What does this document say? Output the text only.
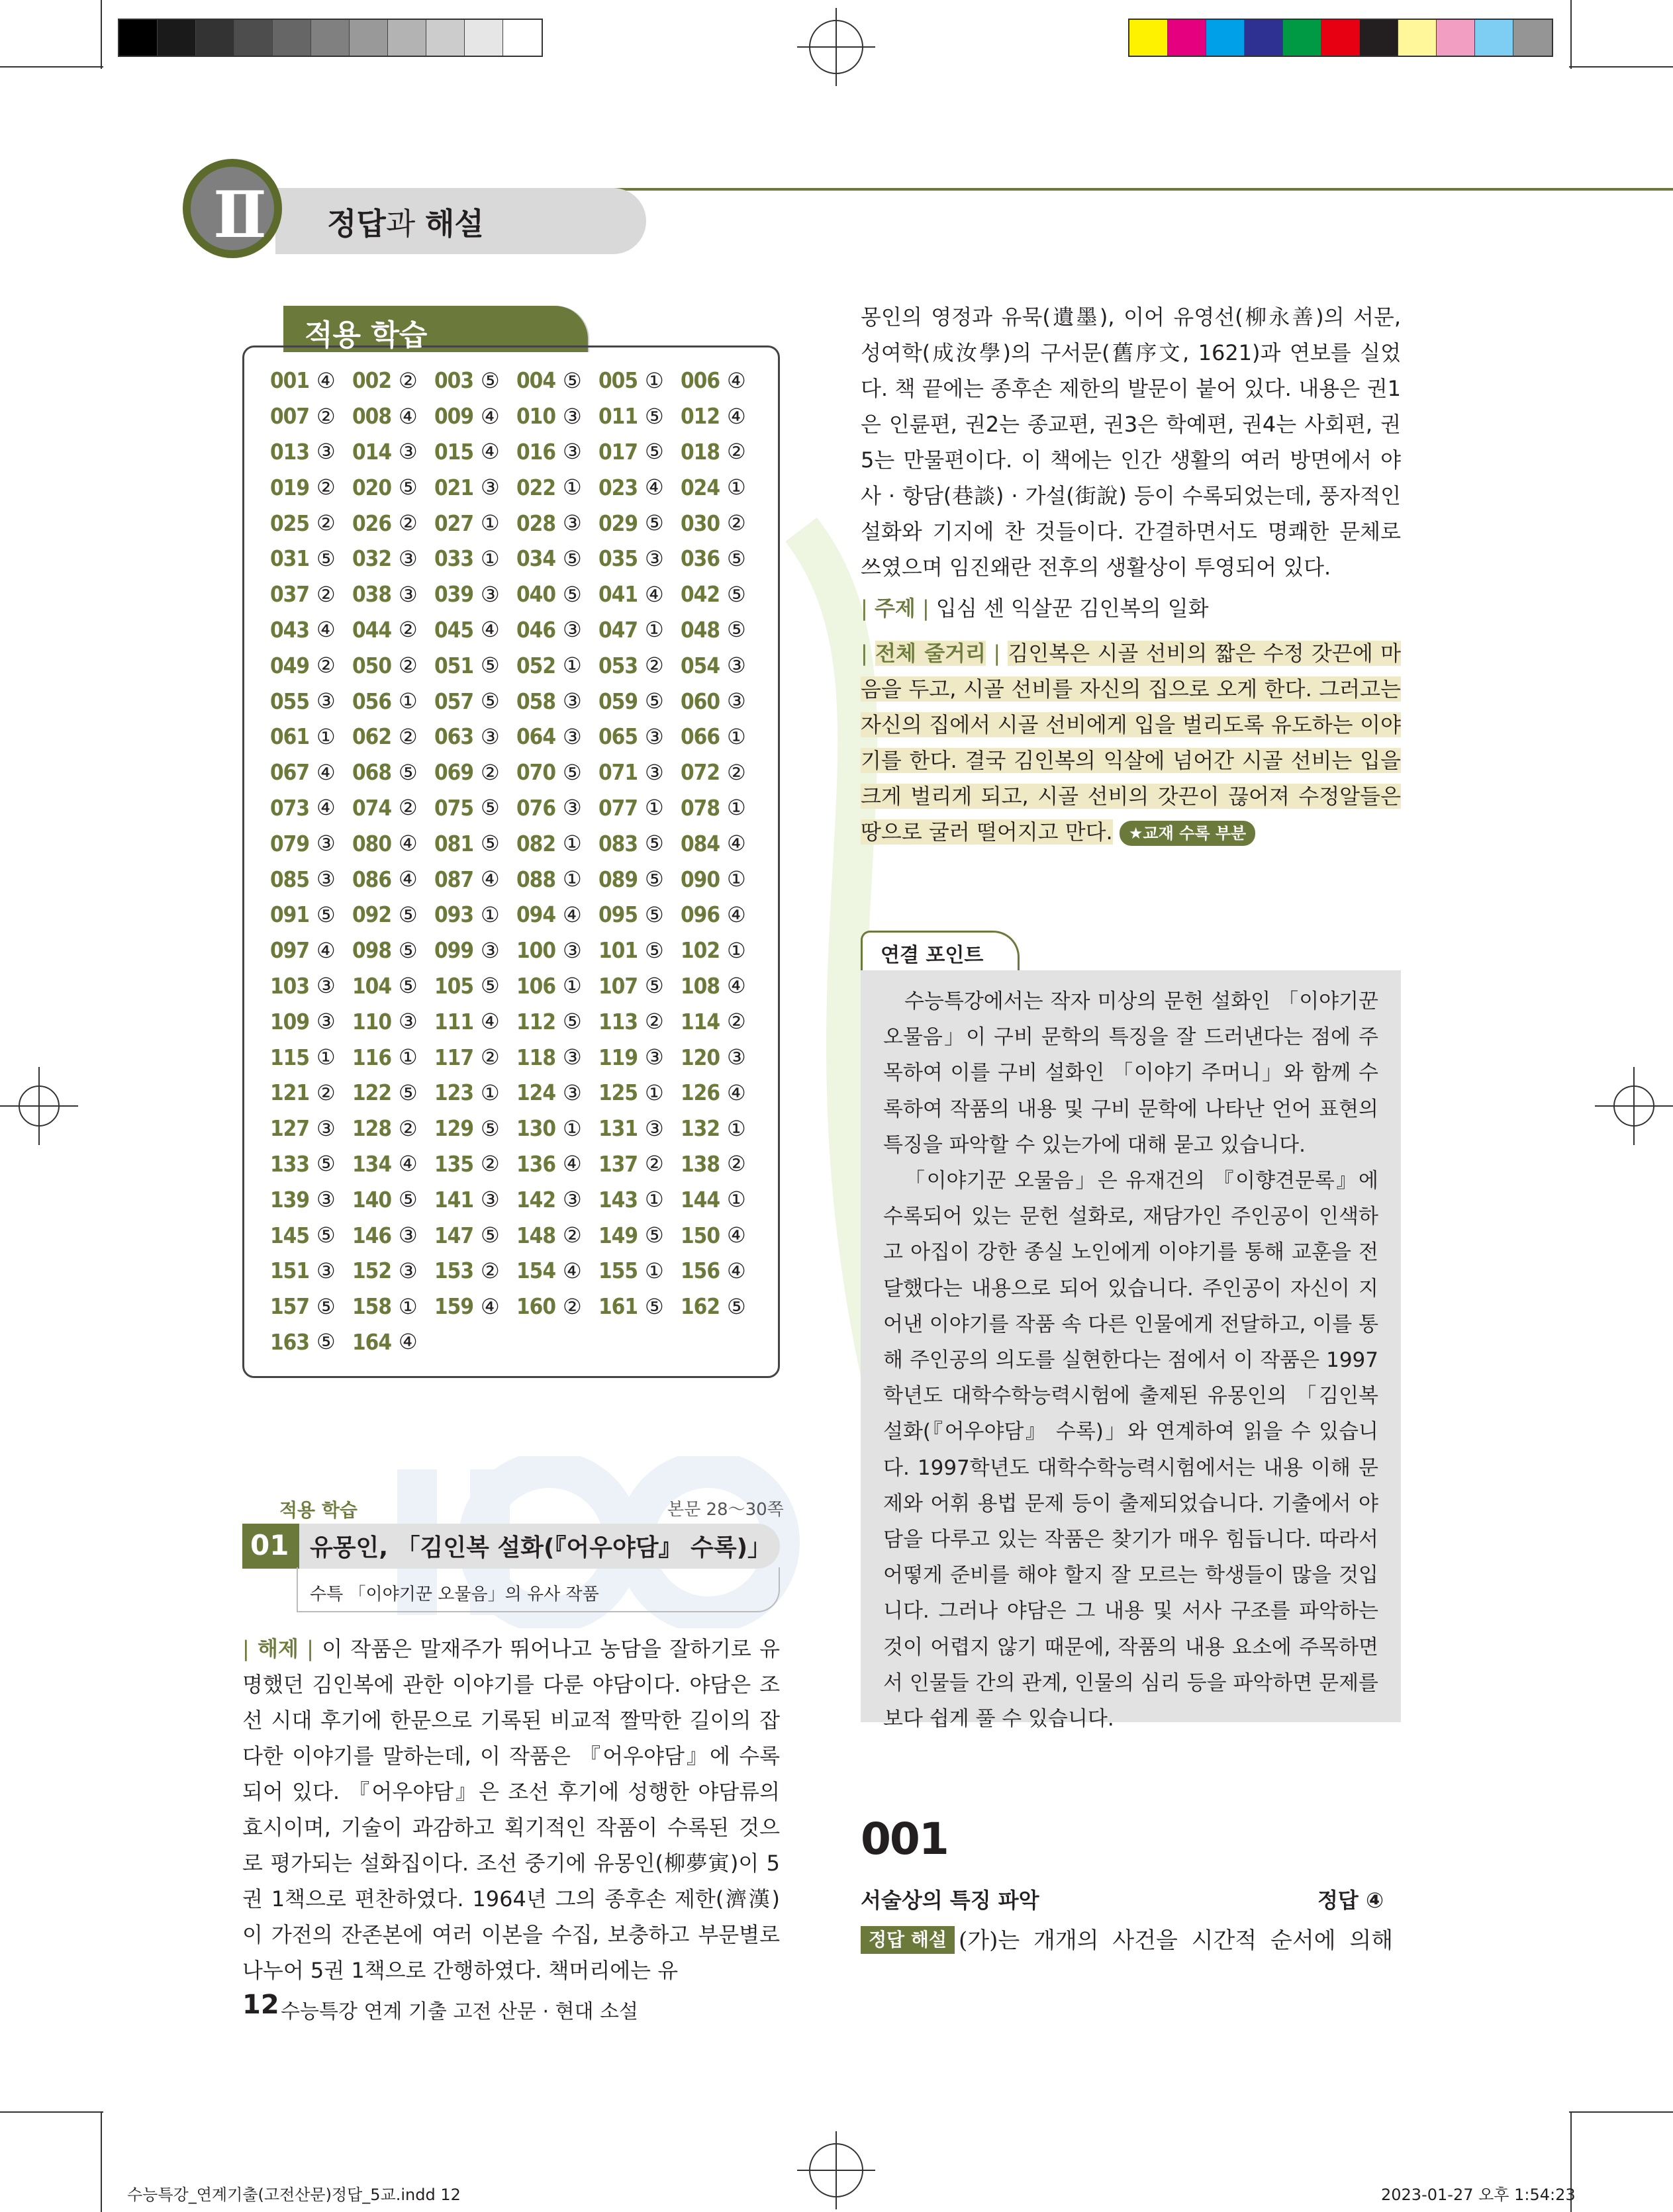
정답과 해설
Ⅱ
적용 학습
001 ④ 002 ② 003 ⑤ 004 ⑤ 005 ① 006 ④
007 ② 008 ④ 009 ④ 010 ③ 011 ⑤ 012 ④
013 ③ 014 ③ 015 ④ 016 ③ 017 ⑤ 018 ②
019 ② 020 ⑤ 021 ③ 022 ① 023 ④ 024 ①
025 ② 026 ② 027 ① 028 ③ 029 ⑤ 030 ②
031 ⑤ 032 ③ 033 ① 034 ⑤ 035 ③ 036 ⑤
037 ② 038 ③ 039 ③ 040 ⑤ 041 ④ 042 ⑤
043 ④ 044 ② 045 ④ 046 ③ 047 ① 048 ⑤
049 ② 050 ② 051 ⑤ 052 ① 053 ② 054 ③
055 ③ 056 ① 057 ⑤ 058 ③ 059 ⑤ 060 ③
061 ① 062 ② 063 ③ 064 ③ 065 ③ 066 ①
067 ④ 068 ⑤ 069 ② 070 ⑤ 071 ③ 072 ②
073 ④ 074 ② 075 ⑤ 076 ③ 077 ① 078 ①
079 ③ 080 ④ 081 ⑤ 082 ① 083 ⑤ 084 ④
085 ③ 086 ④ 087 ④ 088 ① 089 ⑤ 090 ①
091 ⑤ 092 ⑤ 093 ① 094 ④ 095 ⑤ 096 ④
097 ④ 098 ⑤ 099 ③ 100 ③ 101 ⑤ 102 ①
103 ③ 104 ⑤ 105 ⑤ 106 ① 107 ⑤ 108 ④
109 ③ 110 ③ 111 ④ 112 ⑤ 113 ② 114 ②
115 ① 116 ① 117 ② 118 ③ 119 ③ 120 ③
121 ② 122 ⑤ 123 ① 124 ③ 125 ① 126 ④
127 ③ 128 ② 129 ⑤ 130 ① 131 ③ 132 ①
133 ⑤ 134 ④ 135 ② 136 ④ 137 ② 138 ②
139 ③ 140 ⑤ 141 ③ 142 ③ 143 ① 144 ①
145 ⑤ 146 ③ 147 ⑤ 148 ② 149 ⑤ 150 ④
151 ③ 152 ③ 153 ② 154 ④ 155 ① 156 ④
157 ⑤ 158 ① 159 ④ 160 ② 161 ⑤ 162 ⑤
163 ⑤ 164 ④
적용 학습	본문 28～30쪽
01 유몽인, 「김인복 설화(『어우야담』 수록)」
수특 「이야기꾼 오물음」의 유사 작품
| 해제 | 이 작품은 말재주가 뛰어나고 농담을 잘하기로 유명했던 김인복에 관한 이야기를 다룬 야담이다. 야담은 조선 시대 후기에 한문으로 기록된 비교적 짤막한 길이의 잡다한 이야기를 말하는데, 이 작품은 『어우야담』에 수록되어 있다. 『어우야담』은 조선 후기에 성행한 야담류의 효시이며, 기술이 과감하고 획기적인 작품이 수록된 것으로 평가되는 설화집이다. 조선 중기에 유몽인(柳夢寅)이 5권 1책으로 편찬하였다. 1964년 그의 종후손 제한(濟漢)이 가전의 잔존본에 여러 이본을 수집, 보충하고 부문별로 나누어 5권 1책으로 간행하였다. 책머리에는 유
몽인의 영정과 유묵(遺墨), 이어 유영선(柳永善)의 서문, 성여학(成汝學)의 구서문(舊序文, 1621)과 연보를 실었다. 책 끝에는 종후손 제한의 발문이 붙어 있다. 내용은 권1은 인륜편, 권2는 종교편, 권3은 학예편, 권4는 사회편, 권5는 만물편이다. 이 책에는 인간 생활의 여러 방면에서 야사 · 항담(巷談) · 가설(街說) 등이 수록되었는데, 풍자적인 설화와 기지에 찬 것들이다. 간결하면서도 명쾌한 문체로 쓰였으며 임진왜란 전후의 생활상이 투영되어 있다.
| 주제 | 입심 센 익살꾼 김인복의 일화
| 전체 줄거리 | 김인복은 시골 선비의 짧은 수정 갓끈에 마음을 두고, 시골 선비를 자신의 집으로 오게 한다. 그러고는 자신의 집에서 시골 선비에게 입을 벌리도록 유도하는 이야기를 한다. 결국 김인복의 익살에 넘어간 시골 선비는 입을 크게 벌리게 되고, 시골 선비의 갓끈이 끊어져 수정알들은 땅으로 굴러 떨어지고 만다. ★교재 수록 부분
연결 포인트

수능특강에서는 작자 미상의 문헌 설화인 「이야기꾼 오물음」이 구비 문학의 특징을 잘 드러낸다는 점에 주목하여 이를 구비 설화인 「이야기 주머니」와 함께 수록하여 작품의 내용 및 구비 문학에 나타난 언어 표현의 특징을 파악할 수 있는가에 대해 묻고 있습니다.

「이야기꾼 오물음」은 유재건의 『이향견문록』에 수록되어 있는 문헌 설화로, 재담가인 주인공이 인색하고 아집이 강한 종실 노인에게 이야기를 통해 교훈을 전달했다는 내용으로 되어 있습니다. 주인공이 자신이 지어낸 이야기를 작품 속 다른 인물에게 전달하고, 이를 통해 주인공의 의도를 실현한다는 점에서 이 작품은 1997학년도 대학수학능력시험에 출제된 유몽인의 「김인복 설화(『어우야담』 수록)」와 연계하여 읽을 수 있습니다. 1997학년도 대학수학능력시험에서는 내용 이해 문제와 어휘 용법 문제 등이 출제되었습니다. 기출에서 야담을 다루고 있는 작품은 찾기가 매우 힘듭니다. 따라서 어떻게 준비를 해야 할지 잘 모르는 학생들이 많을 것입니다. 그러나 야담은 그 내용 및 서사 구조를 파악하는 것이 어렵지 않기 때문에, 작품의 내용 요소에 주목하면서 인물들 간의 관계, 인물의 심리 등을 파악하면 문제를 보다 쉽게 풀 수 있습니다.

001
서술상의 특징 파악	정답 ④
정답 해설 (가)는 개개의 사건을 시간적 순서에 의해
12 수능특강 연계 기출 고전 산문 · 현대 소설
수능특강_연계기출(고전산문)정답_5교.indd 12	2023-01-27 오후 1:54:23
